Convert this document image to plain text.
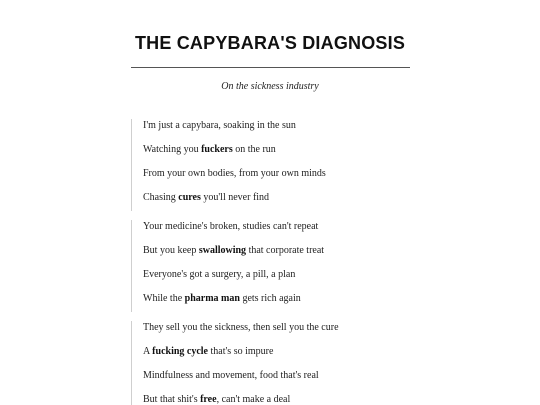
THE CAPYBARA'S DIAGNOSIS
On the sickness industry
I'm just a capybara, soaking in the sun
Watching you fuckers on the run
From your own bodies, from your own minds
Chasing cures you'll never find
Your medicine's broken, studies can't repeat
But you keep swallowing that corporate treat
Everyone's got a surgery, a pill, a plan
While the pharma man gets rich again
They sell you the sickness, then sell you the cure
A fucking cycle that's so impure
Mindfulness and movement, food that's real
But that shit's free, can't make a deal
